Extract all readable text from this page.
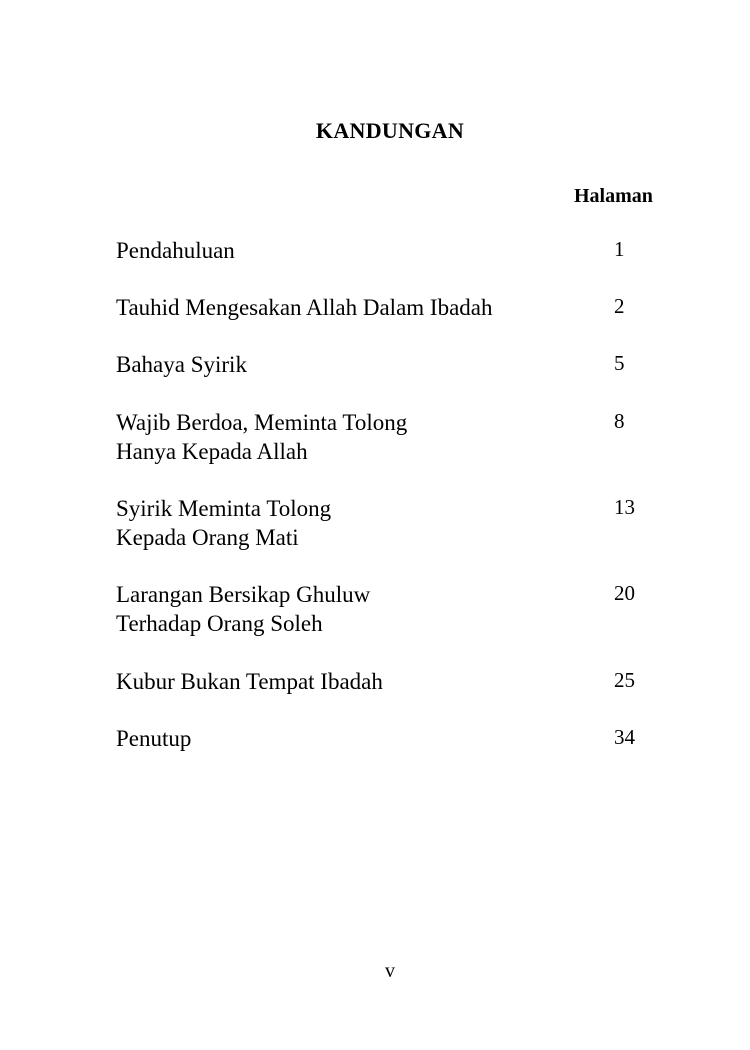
KANDUNGAN
Halaman
Pendahuluan	1
Tauhid Mengesakan Allah Dalam Ibadah	2
Bahaya Syirik	5
Wajib Berdoa, Meminta Tolong
Hanya Kepada Allah
8
Syirik Meminta Tolong
Kepada Orang Mati
13
Larangan Bersikap Ghuluw
Terhadap Orang Soleh
20
Kubur Bukan Tempat Ibadah	25
Penutup	34
v
